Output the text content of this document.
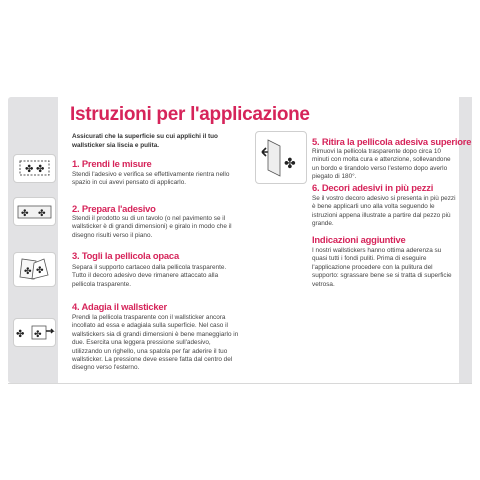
Istruzioni per l'applicazione
Assicurati che la superficie su cui applichi il tuo wallsticker sia liscia e pulita.
✤ ✤
1. Prendi le misure
Stendi l'adesivo e verifica se effettivamente rientra nello spazio in cui avevi pensato di applicarlo.
✤ ✤	2. Prepara l'adesivo
Stendi il prodotto su di un tavolo (o nel pavimento se il wallsticker è di grandi dimensioni) e giralo in modo che il disegno risulti verso il piano.
✤ ✤
3. Togli la pellicola opaca
Separa il supporto cartaceo dalla pellicola trasparente. Tutto il decoro adesivo deve rimanere attaccato alla pellicola trasparente.
✤ ✤
4. Adagia il wallsticker
Prendi la pellicola trasparente con il wallsticker ancora incollato ad essa e adagiala sulla superficie. Nel caso il wallstickers sia di grandi dimensioni è bene maneggiarlo in due. Esercita una leggera pressione sull'adesivo, utilizzando un righello, una spatola per far aderire il tuo wallsticker. La pressione deve essere fatta dal centro del disegno verso l'esterno.
✤
5. Ritira la pellicola adesiva superiore
Rimuovi la pellicola trasparente dopo circa 10 minuti con molta cura e attenzione, sollevandone un bordo e tirandolo verso l'esterno dopo averlo piegato di 180°.
6. Decori adesivi in più pezzi
Se il vostro decoro adesivo si presenta in più pezzi è bene applicarli uno alla volta seguendo le istruzioni appena illustrate a partire dal pezzo più grande.
Indicazioni aggiuntive
I nostri wallstickers hanno ottima aderenza su quasi tutti i fondi puliti. Prima di eseguire l'applicazione procedere con la pulitura del supporto: sgrassare bene se si tratta di superficie vetrosa.
